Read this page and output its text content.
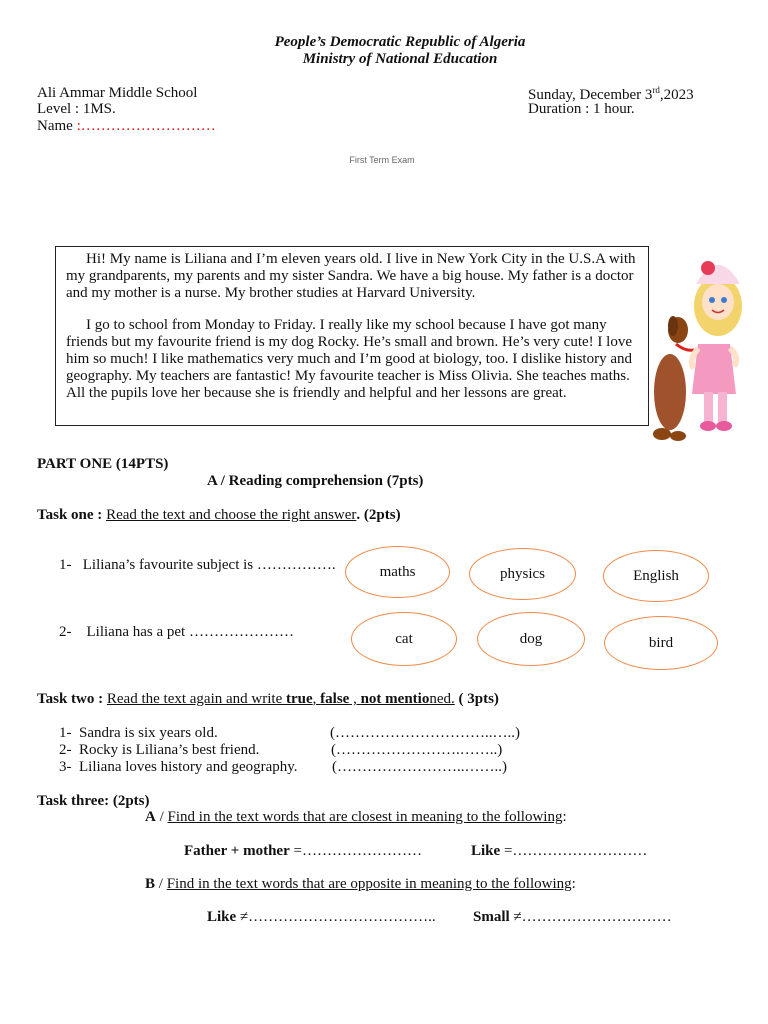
People’s Democratic Republic of Algeria
Ministry of National Education
Ali Ammar Middle School
Level : 1MS.
Name :………………………
Sunday, December 3rd,2023
Duration : 1 hour.
First Term Exam

Hi! My name is Liliana and I’m eleven years old. I live in New York City in the U.S.A with my grandparents, my parents and my sister Sandra. We have a big house. My father is a doctor and my mother is a nurse. My brother studies at Harvard University.

I go to school from Monday to Friday. I really like my school because I have got many friends but my favourite friend is my dog Rocky. He’s small and brown. He’s very cute! I love him so much! I like mathematics very much and I’m good at biology, too. I dislike history and geography. My teachers are fantastic! My favourite teacher is Miss Olivia. She teaches maths. All the pupils love her because she is friendly and helpful and her lessons are great.

PART ONE (14PTS)
A / Reading comprehension (7pts)
Task one : Read the text and choose the right answer. (2pts)
1- Liliana’s favourite subject is …………….	maths	physics	English
2- Liliana has a pet …………………	cat	dog	bird
Task two : Read the text again and write true, false , not mentioned. ( 3pts)
1- Sandra is six years old.	(…………………………..…..)
2- Rocky is Liliana’s best friend.	(…………………….……..)
3- Liliana loves history and geography. (……………………..……..)
Task three: (2pts)
A / Find in the text words that are closest in meaning to the following:
Father + mother =……………………	Like =………………………
B / Find in the text words that are opposite in meaning to the following:
Like ≠……………………………….. Small ≠…………………………
